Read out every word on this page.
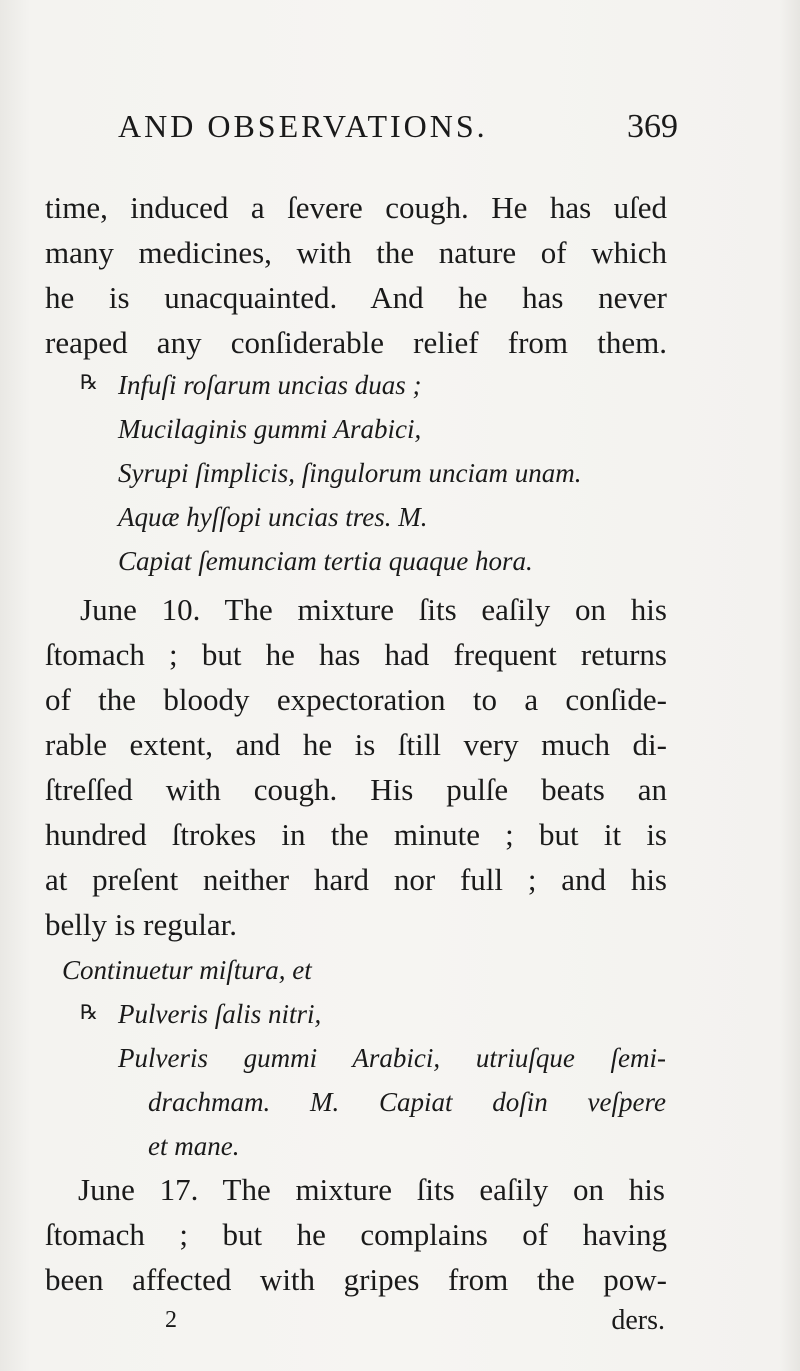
AND OBSERVATIONS.	369
time, induced a ſevere cough. He has uſed
many medicines, with the nature of which
he is unacquainted. And he has never
reaped any conſiderable relief from them.
℞ Infuſi roſarum uncias duas ;
Mucilaginis gummi Arabici,
Syrupi ſimplicis, ſingulorum unciam unam.
Aquæ hyſſopi uncias tres. M.
Capiat ſemunciam tertia quaque hora.
June 10. The mixture ſits eaſily on his
ſtomach ; but he has had frequent returns
of the bloody expectoration to a conſide-
rable extent, and he is ſtill very much di-
ſtreſſed with cough. His pulſe beats an
hundred ſtrokes in the minute ; but it is
at preſent neither hard nor full ; and his
belly is regular.
Continuetur miſtura, et
℞ Pulveris ſalis nitri,
Pulveris gummi Arabici, utriuſque ſemi-
drachmam. M. Capiat doſin veſpere
et mane.
June 17. The mixture ſits eaſily on his
ſtomach ; but he complains of having
been affected with gripes from the pow-
2	ders.
